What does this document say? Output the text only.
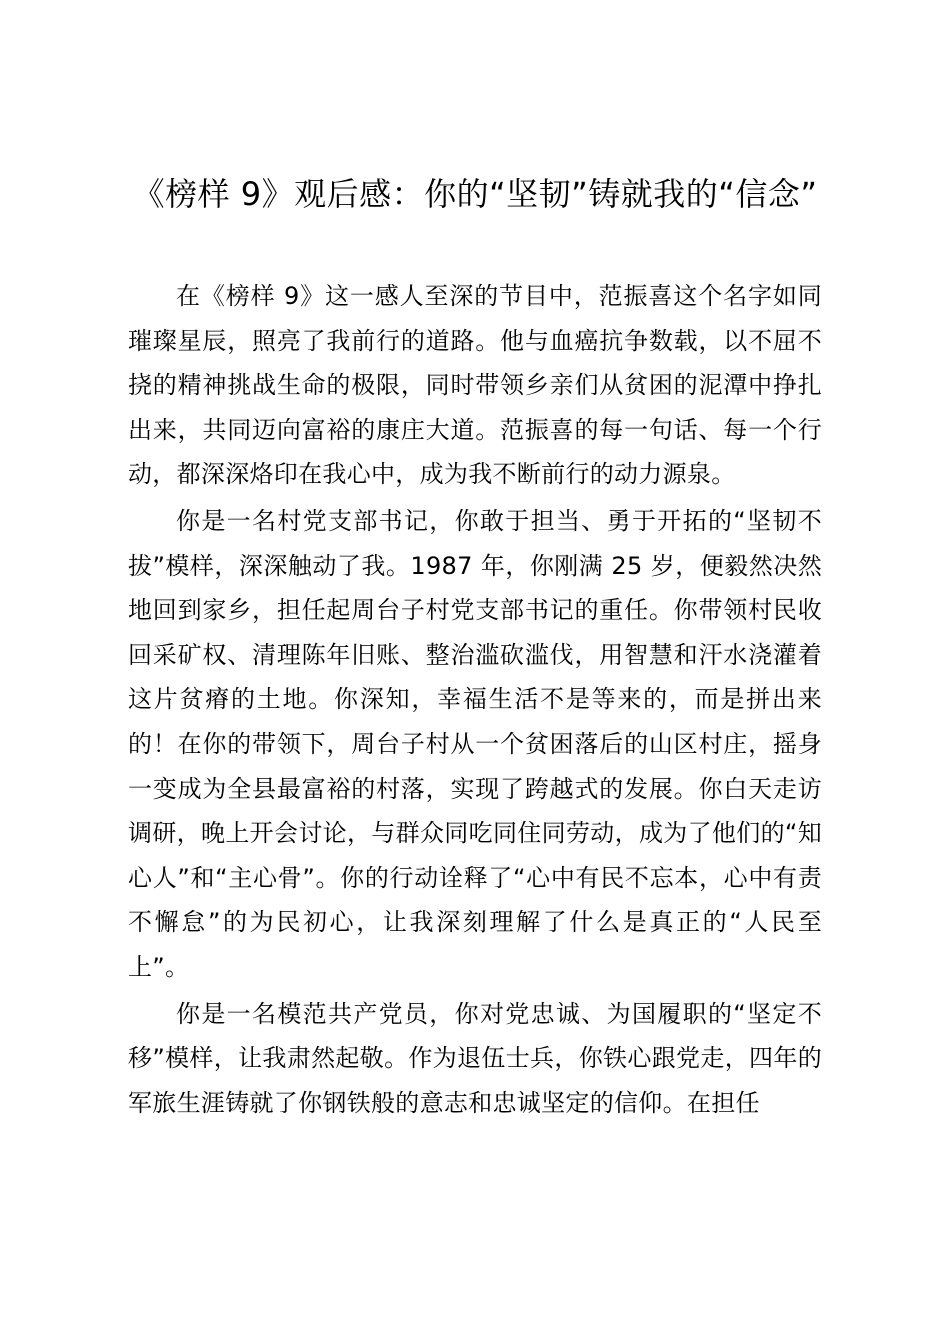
《榜样 9》观后感：你的“坚韧”铸就我的“信念”

在《榜样 9》这一感人至深的节目中，范振喜这个名字如同璀璨星辰，照亮了我前行的道路。他与血癌抗争数载，以不屈不挠的精神挑战生命的极限，同时带领乡亲们从贫困的泥潭中挣扎出来，共同迈向富裕的康庄大道。范振喜的每一句话、每一个行动，都深深烙印在我心中，成为我不断前行的动力源泉。

你是一名村党支部书记，你敢于担当、勇于开拓的“坚韧不拔”模样，深深触动了我。1987 年，你刚满 25 岁，便毅然决然地回到家乡，担任起周台子村党支部书记的重任。你带领村民收回采矿权、清理陈年旧账、整治滥砍滥伐，用智慧和汗水浇灌着这片贫瘠的土地。你深知，幸福生活不是等来的，而是拼出来的！在你的带领下，周台子村从一个贫困落后的山区村庄，摇身一变成为全县最富裕的村落，实现了跨越式的发展。你白天走访调研，晚上开会讨论，与群众同吃同住同劳动，成为了他们的“知心人”和“主心骨”。你的行动诠释了“心中有民不忘本，心中有责不懈怠”的为民初心，让我深刻理解了什么是真正的“人民至上”。

你是一名模范共产党员，你对党忠诚、为国履职的“坚定不移”模样，让我肃然起敬。作为退伍士兵，你铁心跟党走，四年的军旅生涯铸就了你钢铁般的意志和忠诚坚定的信仰。在担任
